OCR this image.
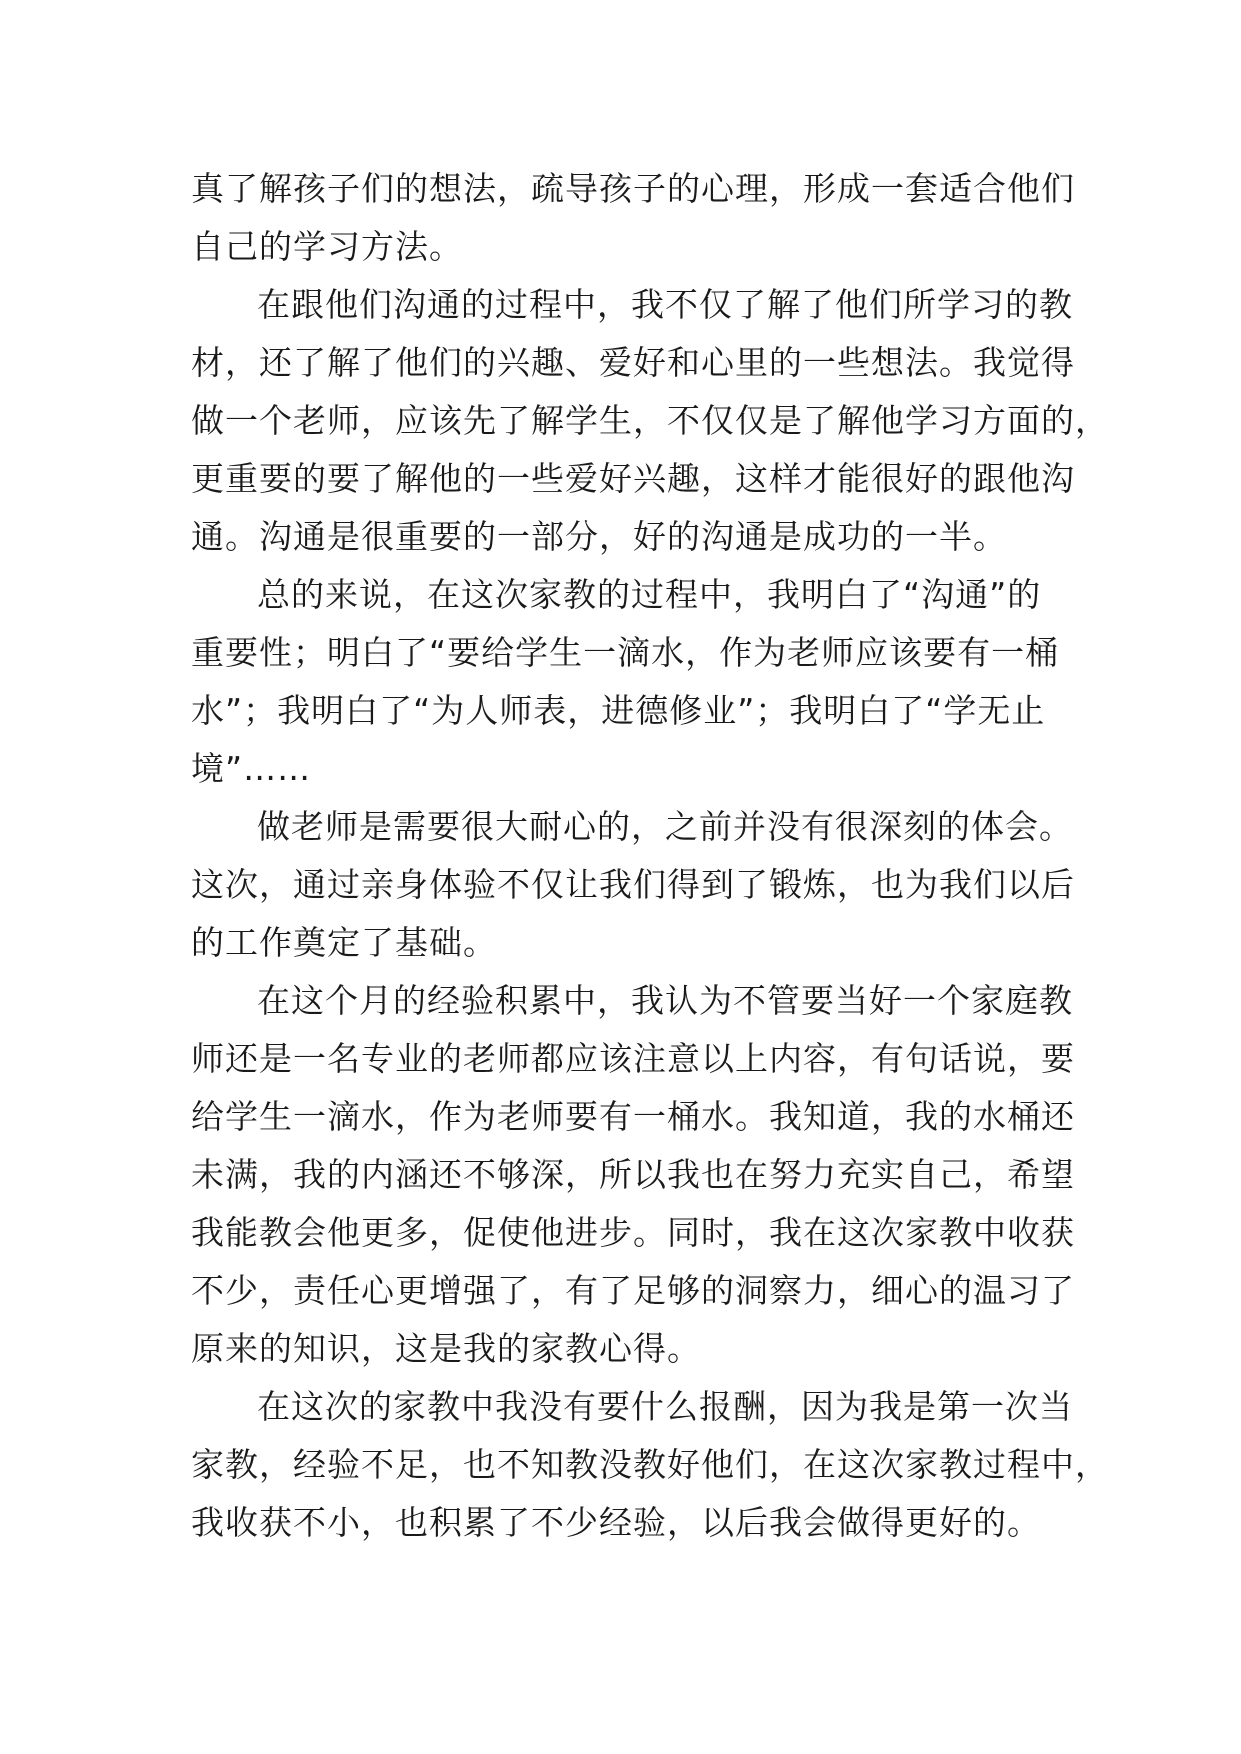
真了解孩子们的想法，疏导孩子的心理，形成一套适合他们
自己的学习方法。
在跟他们沟通的过程中，我不仅了解了他们所学习的教
材，还了解了他们的兴趣、爱好和心里的一些想法。我觉得
做一个老师，应该先了解学生，不仅仅是了解他学习方面的，
更重要的要了解他的一些爱好兴趣，这样才能很好的跟他沟
通。沟通是很重要的一部分，好的沟通是成功的一半。
总的来说，在这次家教的过程中，我明白了“沟通”的
重要性；明白了“要给学生一滴水，作为老师应该要有一桶
水”；我明白了“为人师表，进德修业”；我明白了“学无止
境”……
做老师是需要很大耐心的，之前并没有很深刻的体会。
这次，通过亲身体验不仅让我们得到了锻炼，也为我们以后
的工作奠定了基础。
在这个月的经验积累中，我认为不管要当好一个家庭教
师还是一名专业的老师都应该注意以上内容，有句话说，要
给学生一滴水，作为老师要有一桶水。我知道，我的水桶还
未满，我的内涵还不够深，所以我也在努力充实自己，希望
我能教会他更多，促使他进步。同时，我在这次家教中收获
不少，责任心更增强了，有了足够的洞察力，细心的温习了
原来的知识，这是我的家教心得。
在这次的家教中我没有要什么报酬，因为我是第一次当
家教，经验不足，也不知教没教好他们，在这次家教过程中，
我收获不小，也积累了不少经验，以后我会做得更好的。
